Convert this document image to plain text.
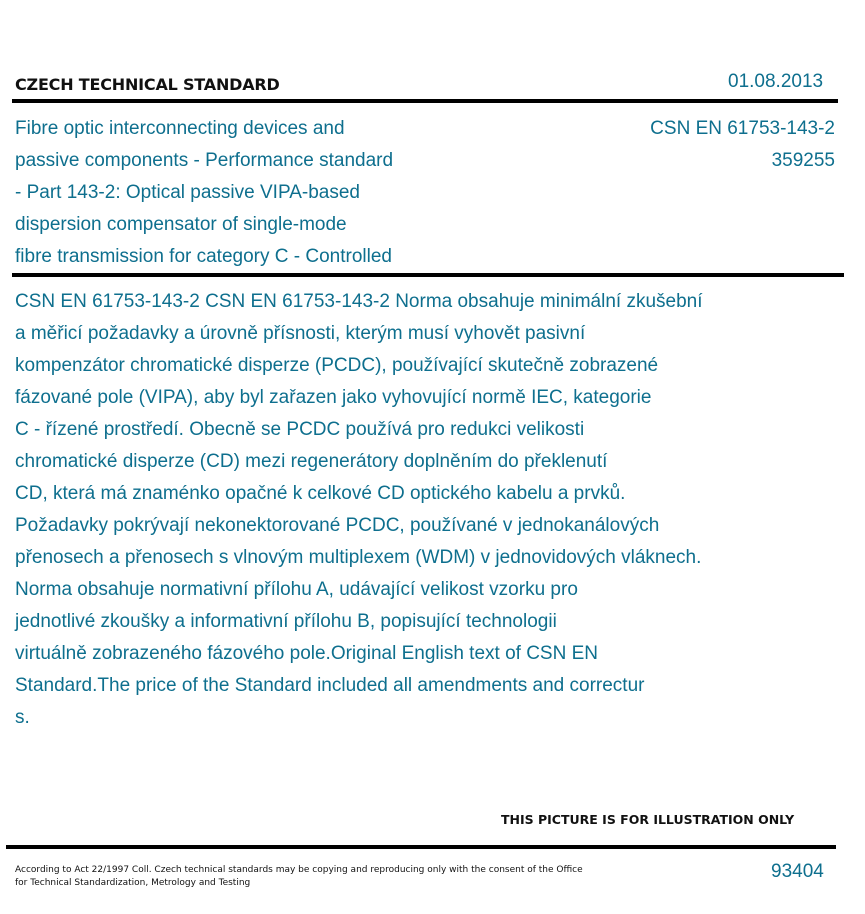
CZECH TECHNICAL STANDARD	01.08.2013
Fibre optic interconnecting devices and
passive components - Performance standard
- Part 143-2: Optical passive VIPA-based
dispersion compensator of single-mode
fibre transmission for category C - Controlled
CSN EN 61753-143-2
359255
CSN EN 61753-143-2 CSN EN 61753-143-2 Norma obsahuje minimální zkušební
a měřicí požadavky a úrovně přísnosti, kterým musí vyhovět pasivní
kompenzátor chromatické disperze (PCDC), používající skutečně zobrazené
fázované pole (VIPA), aby byl zařazen jako vyhovující normě IEC, kategorie
C - řízené prostředí. Obecně se PCDC používá pro redukci velikosti
chromatické disperze (CD) mezi regenerátory doplněním do překlenutí
CD, která má znaménko opačné k celkové CD optického kabelu a prvků.
Požadavky pokrývají nekonektorované PCDC, používané v jednokanálových
přenosech a přenosech s vlnovým multiplexem (WDM) v jednovidových vláknech.
Norma obsahuje normativní přílohu A, udávající velikost vzorku pro
jednotlivé zkoušky a informativní přílohu B, popisující technologii
virtuálně zobrazeného fázového pole.Original English text of CSN EN
Standard.The price of the Standard included all amendments and correctur
s.
THIS PICTURE IS FOR ILLUSTRATION ONLY
According to Act 22/1997 Coll. Czech technical standards may be copying and reproducing only with the consent of the Office
for Technical Standardization, Metrology and Testing
93404
